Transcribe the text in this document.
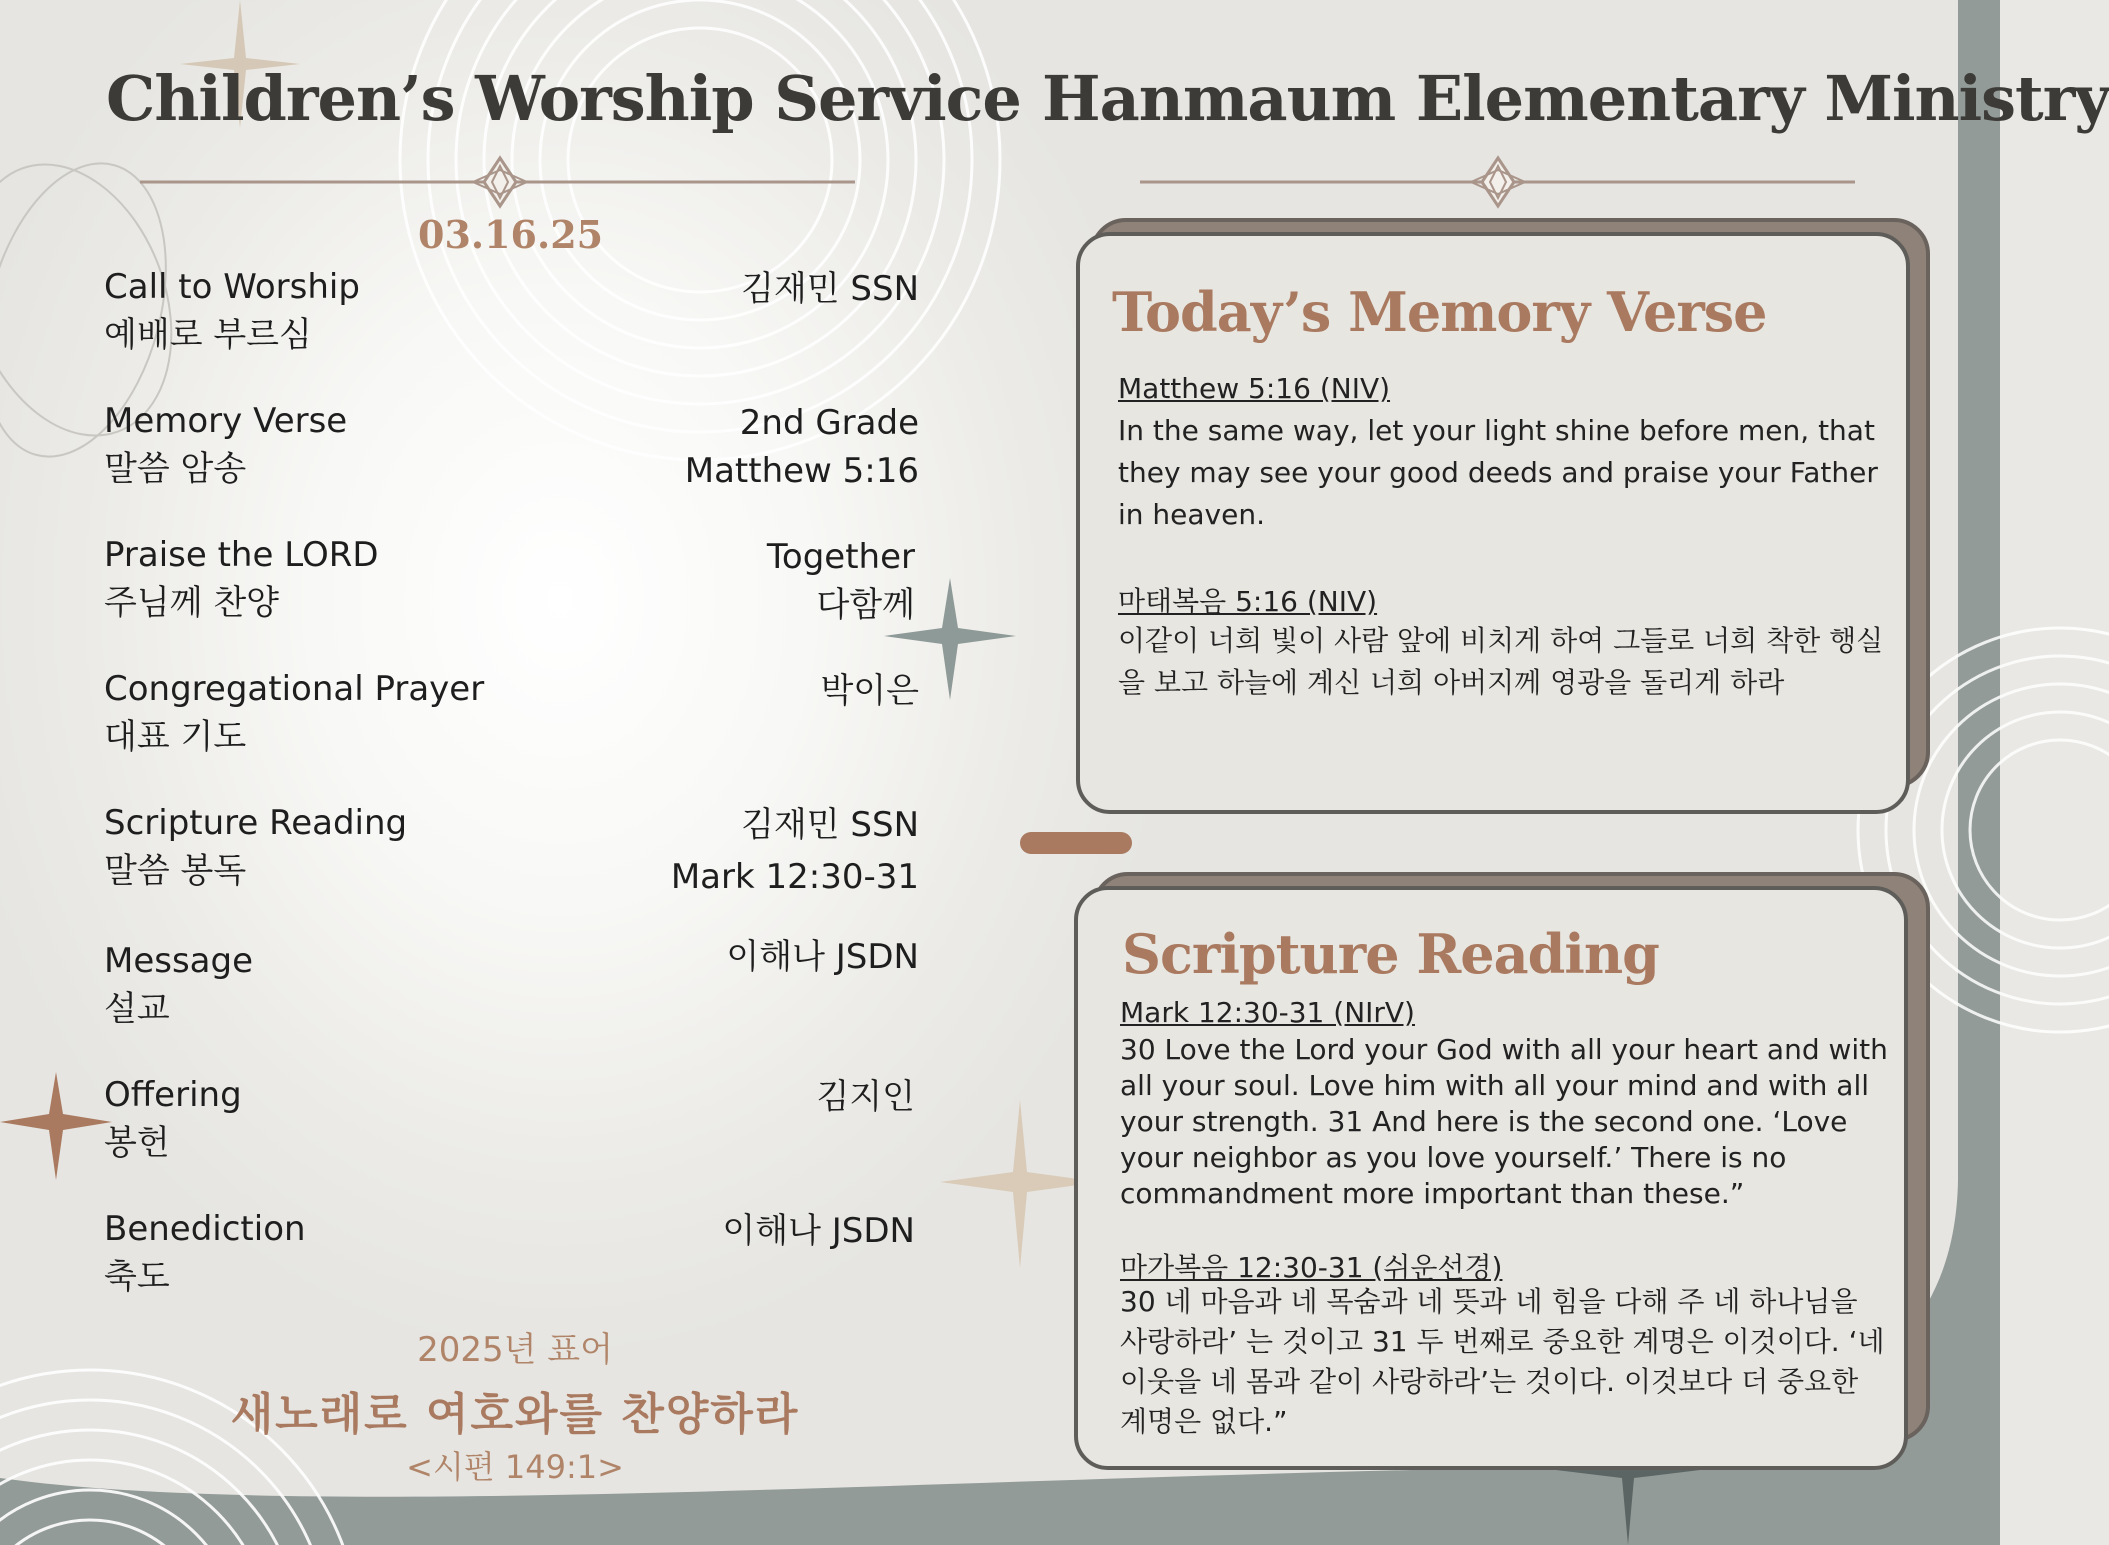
Children’s Worship Service Hanmaum Elementary Ministry
03.16.25
Call to Worship
예배로 부르심
김재민 SSN
Memory Verse
말씀 암송
2nd Grade
Matthew 5:16
Praise the LORD
주님께 찬양
Together
다함께
Congregational Prayer
대표 기도
박이은
Scripture Reading
말씀 봉독
김재민 SSN
Mark 12:30-31
Message
설교
이해나 JSDN
Offering
봉헌
김지인
Benediction
축도
이해나 JSDN
2025년 표어
새노래로 여호와를 찬양하라
<시편 149:1>
Today’s Memory Verse
Matthew 5:16 (NIV)

In the same way, let your light shine before men, that they may see your good deeds and praise your Father in heaven.

마태복음 5:16 (NIV)

이같이 너희 빛이 사람 앞에 비치게 하여 그들로 너희 착한 행실을 보고 하늘에 계신 너희 아버지께 영광을 돌리게 하라

Scripture Reading
Mark 12:30-31 (NIrV)

30 Love the Lord your God with all your heart and with all your soul. Love him with all your mind and with all your strength. 31 And here is the second one. ‘Love your neighbor as you love yourself.’ There is no commandment more important than these.”

마가복음 12:30-31 (쉬운선경)

30 네 마음과 네 목숨과 네 뜻과 네 힘을 다해 주 네 하나님을 사랑하라’ 는 것이고 31 두 번째로 중요한 계명은 이것이다. ‘네 이웃을 네 몸과 같이 사랑하라’는 것이다. 이것보다 더 중요한 계명은 없다.”
